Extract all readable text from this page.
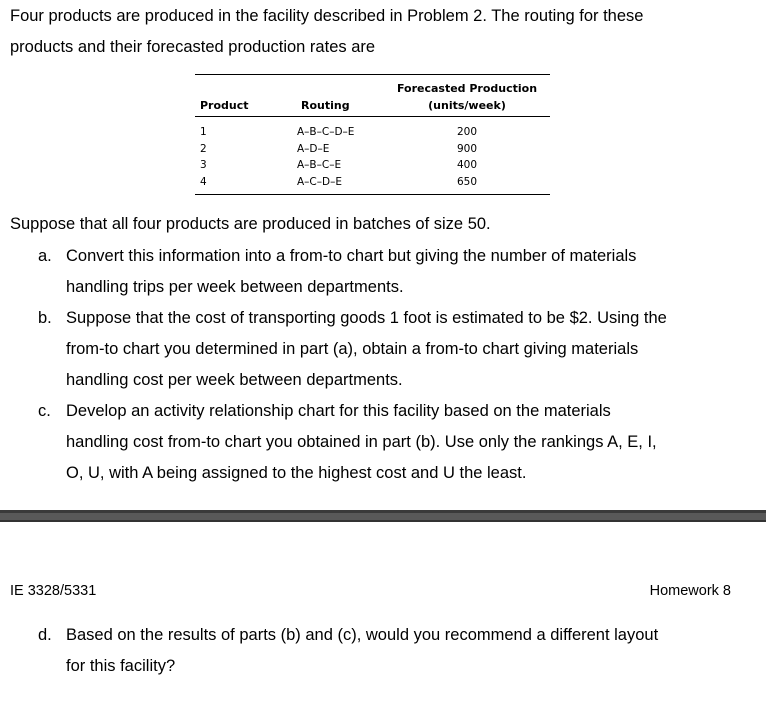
Four products are produced in the facility described in Problem 2. The routing for these
products and their forecasted production rates are
Product	Routing
Forecasted Production
(units/week)
1	A–B–C–D–E	200
2	A–D–E	900
3	A–B–C–E	400
4	A–C–D–E	650
Suppose that all four products are produced in batches of size 50.
a. Convert this information into a from-to chart but giving the number of materials
handling trips per week between departments.
b. Suppose that the cost of transporting goods 1 foot is estimated to be $2. Using the
from-to chart you determined in part (a), obtain a from-to chart giving materials
handling cost per week between departments.
c. Develop an activity relationship chart for this facility based on the materials
handling cost from-to chart you obtained in part (b). Use only the rankings A, E, I,
O, U, with A being assigned to the highest cost and U the least.
IE 3328/5331	Homework 8
d. Based on the results of parts (b) and (c), would you recommend a different layout
for this facility?
